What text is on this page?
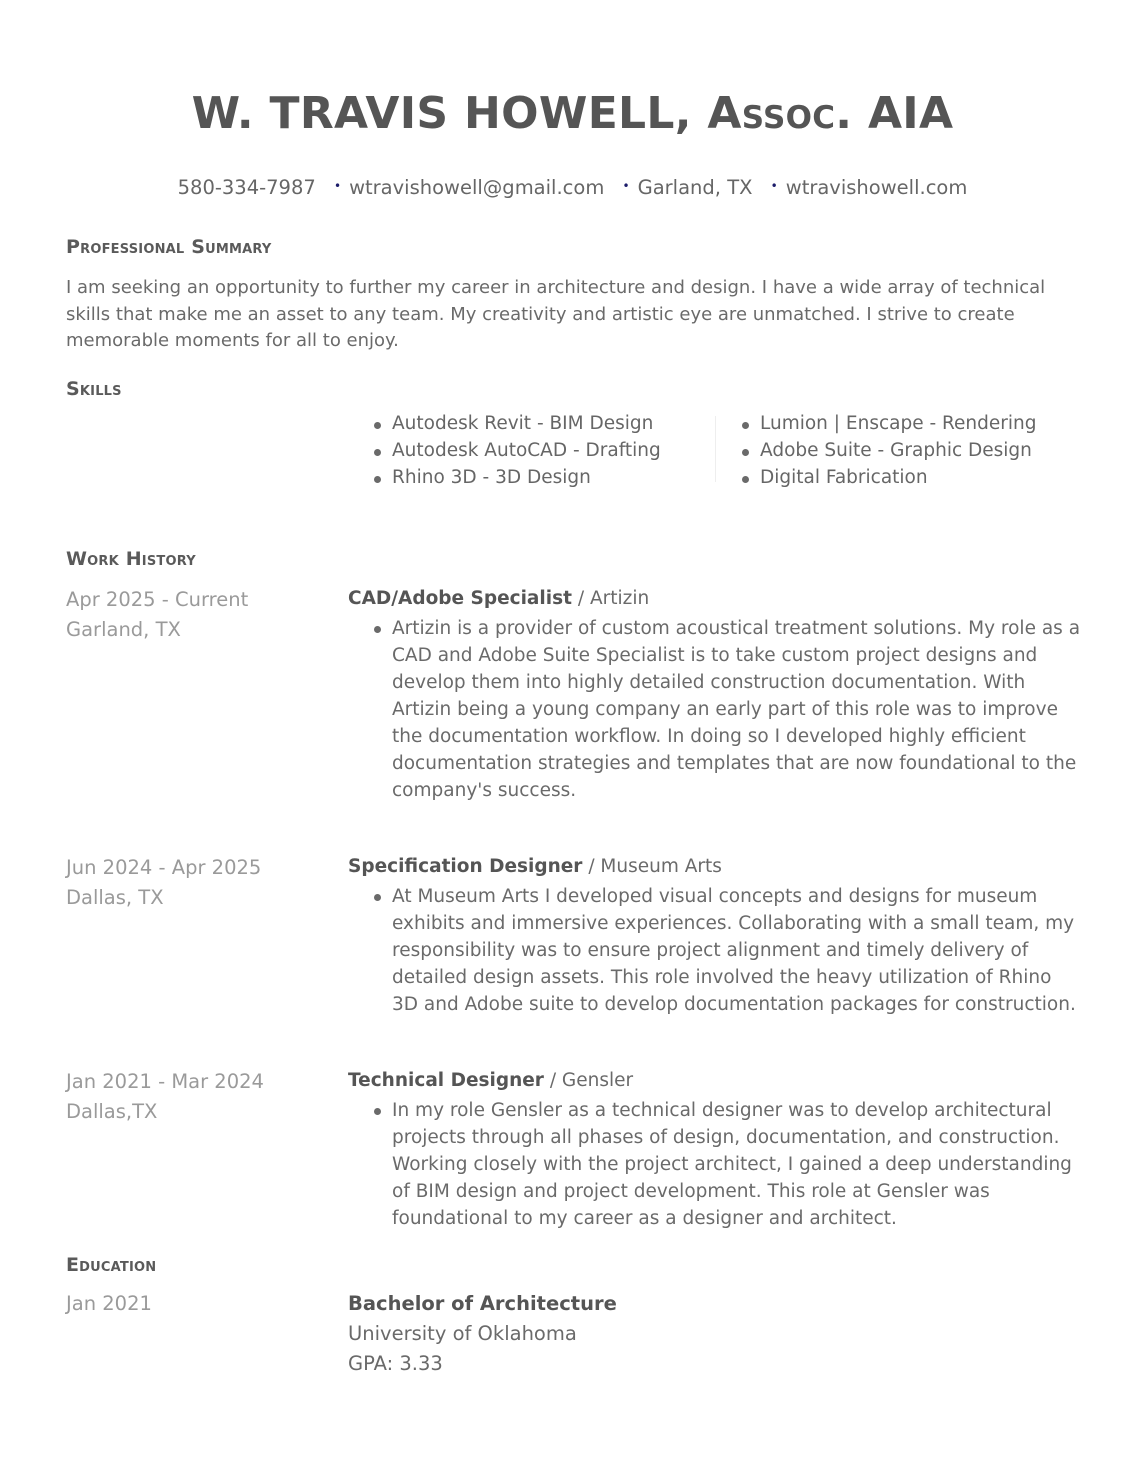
W. TRAVIS HOWELL, Assoc. AIA
580-334-7987 • wtravishowell@gmail.com • Garland, TX • wtravishowell.com
Professional Summary
I am seeking an opportunity to further my career in architecture and design. I have a wide array of technical skills that make me an asset to any team. My creativity and artistic eye are unmatched. I strive to create memorable moments for all to enjoy.
Skills
Autodesk Revit - BIM Design
Autodesk AutoCAD - Drafting
Rhino 3D - 3D Design
Lumion | Enscape - Rendering
Adobe Suite - Graphic Design
Digital Fabrication
Work History
Apr 2025 - Current
Garland, TX
CAD/Adobe Specialist / Artizin
Artizin is a provider of custom acoustical treatment solutions. My role as a CAD and Adobe Suite Specialist is to take custom project designs and develop them into highly detailed construction documentation. With Artizin being a young company an early part of this role was to improve the documentation workflow. In doing so I developed highly efficient documentation strategies and templates that are now foundational to the company's success.
Jun 2024 - Apr 2025
Dallas, TX
Specification Designer / Museum Arts
At Museum Arts I developed visual concepts and designs for museum exhibits and immersive experiences. Collaborating with a small team, my responsibility was to ensure project alignment and timely delivery of detailed design assets. This role involved the heavy utilization of Rhino 3D and Adobe suite to develop documentation packages for construction.
Jan 2021 - Mar 2024
Dallas,TX
Technical Designer / Gensler
In my role Gensler as a technical designer was to develop architectural projects through all phases of design, documentation, and construction. Working closely with the project architect, I gained a deep understanding of BIM design and project development. This role at Gensler was foundational to my career as a designer and architect.
Education
Jan 2021	Bachelor of Architecture
University of Oklahoma
GPA: 3.33
